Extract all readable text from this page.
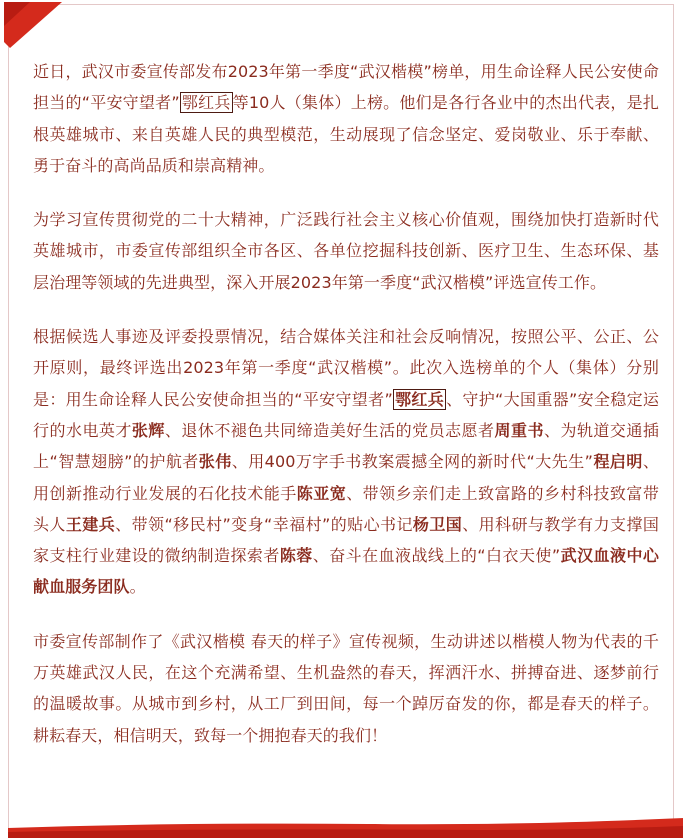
近日，武汉市委宣传部发布2023年第一季度“武汉楷模”榜单，用生命诠释人民公安使命担当的“平安守望者” 鄂红兵 等10人（集体）上榜。他们是各行各业中的杰出代表，是扎根英雄城市、来自英雄人民的典型模范，生动展现了信念坚定、爱岗敬业、乐于奉献、勇于奋斗的高尚品质和崇高精神。

为学习宣传贯彻党的二十大精神，广泛践行社会主义核心价值观，围绕加快打造新时代英雄城市，市委宣传部组织全市各区、各单位挖掘科技创新、医疗卫生、生态环保、基层治理等领域的先进典型，深入开展2023年第一季度“武汉楷模”评选宣传工作。

根据候选人事迹及评委投票情况，结合媒体关注和社会反响情况，按照公平、公正、公开原则，最终评选出2023年第一季度“武汉楷模”。此次入选榜单的个人（集体）分别是：用生命诠释人民公安使命担当的“平安守望者” 鄂红兵 、守护“大国重器”安全稳定运行的水电英才张辉、退休不褪色共同缔造美好生活的党员志愿者周重书、为轨道交通插上“智慧翅膀”的护航者张伟、用400万字手书教案震撼全网的新时代“大先生”程启明、用创新推动行业发展的石化技术能手陈亚宽、带领乡亲们走上致富路的乡村科技致富带头人王建兵、带领“移民村”变身“幸福村”的贴心书记杨卫国、用科研与教学有力支撑国家支柱行业建设的微纳制造探索者陈蓉、奋斗在血液战线上的“白衣天使”武汉血液中心献血服务团队。

市委宣传部制作了《武汉楷模 春天的样子》宣传视频，生动讲述以楷模人物为代表的千万英雄武汉人民，在这个充满希望、生机盎然的春天，挥洒汗水、拼搏奋进、逐梦前行的温暖故事。从城市到乡村，从工厂到田间，每一个踔厉奋发的你，都是春天的样子。耕耘春天，相信明天，致每一个拥抱春天的我们！
